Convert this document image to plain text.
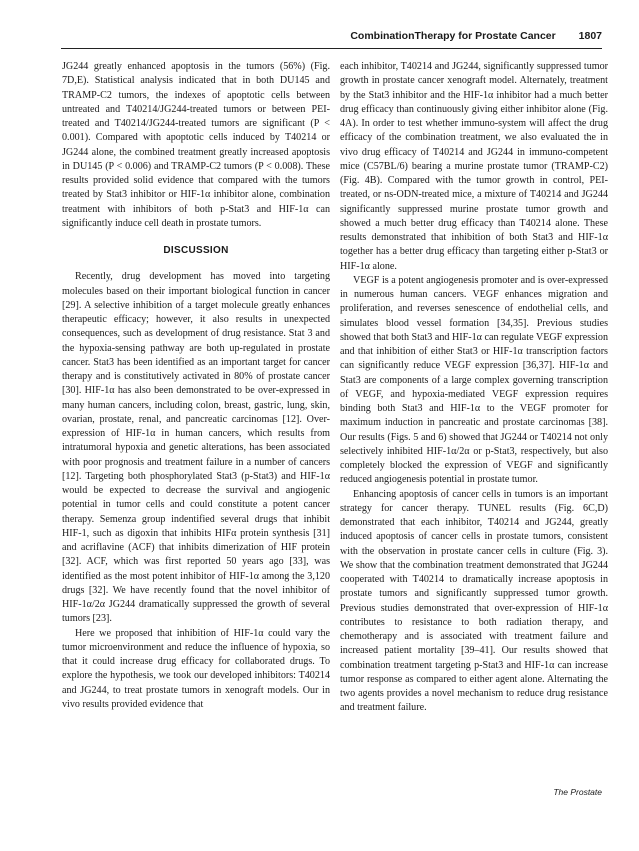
CombinationTherapy for Prostate Cancer 1807

JG244 greatly enhanced apoptosis in the tumors (56%) (Fig. 7D,E). Statistical analysis indicated that in both DU145 and TRAMP-C2 tumors, the indexes of apoptotic cells between untreated and T40214/JG244-treated tumors or between PEI-treated and T40214/JG244-treated tumors are significant (P < 0.001). Compared with apoptotic cells induced by T40214 or JG244 alone, the combined treatment greatly increased apoptosis in DU145 (P < 0.006) and TRAMP-C2 tumors (P < 0.008). These results provided solid evidence that compared with the tumors treated by Stat3 inhibitor or HIF-1α inhibitor alone, combination treatment with inhibitors of both p-Stat3 and HIF-1α can significantly induce cell death in prostate tumors.

DISCUSSION

Recently, drug development has moved into targeting molecules based on their important biological function in cancer [29]. A selective inhibition of a target molecule greatly enhances therapeutic efficacy; however, it also results in unexpected consequences, such as development of drug resistance. Stat 3 and the hypoxia-sensing pathway are both up-regulated in prostate cancer. Stat3 has been identified as an important target for cancer therapy and is constitutively activated in 80% of prostate cancer [30]. HIF-1α has also been demonstrated to be over-expressed in many human cancers, including colon, breast, gastric, lung, skin, ovarian, prostate, renal, and pancreatic carcinomas [12]. Over-expression of HIF-1α in human cancers, which results from intratumoral hypoxia and genetic alterations, has been associated with poor prognosis and treatment failure in a number of cancers [12]. Targeting both phosphorylated Stat3 (p-Stat3) and HIF-1α would be expected to decrease the survival and angiogenic potential in tumor cells and could constitute a potent cancer therapy. Semenza group indentified several drugs that inhibit HIF-1, such as digoxin that inhibits HIFα protein synthesis [31] and acriflavine (ACF) that inhibits dimerization of HIF protein [32]. ACF, which was first reported 50 years ago [33], was identified as the most potent inhibitor of HIF-1α among the 3,120 drugs [32]. We have recently found that the novel inhibitor of HIF-1α/2α JG244 dramatically suppressed the growth of several tumors [23].

Here we proposed that inhibition of HIF-1α could vary the tumor microenvironment and reduce the influence of hypoxia, so that it could increase drug efficacy for collaborated drugs. To explore the hypothesis, we took our developed inhibitors: T40214 and JG244, to treat prostate tumors in xenograft models. Our in vivo results provided evidence that

each inhibitor, T40214 and JG244, significantly suppressed tumor growth in prostate cancer xenograft model. Alternately, treatment by the Stat3 inhibitor and the HIF-1α inhibitor had a much better drug efficacy than continuously giving either inhibitor alone (Fig. 4A). In order to test whether immuno-system will affect the drug efficacy of the combination treatment, we also evaluated the in vivo drug efficacy of T40214 and JG244 in immuno-competent mice (C57BL/6) bearing a murine prostate tumor (TRAMP-C2) (Fig. 4B). Compared with the tumor growth in control, PEI-treated, or ns-ODN-treated mice, a mixture of T40214 and JG244 significantly suppressed murine prostate tumor growth and showed a much better drug efficacy than T40214 alone. These results demonstrated that inhibition of both Stat3 and HIF-1α together has a better drug efficacy than targeting either p-Stat3 or HIF-1α alone.

VEGF is a potent angiogenesis promoter and is over-expressed in numerous human cancers. VEGF enhances migration and proliferation, and reverses senescence of endothelial cells, and simulates blood vessel formation [34,35]. Previous studies showed that both Stat3 and HIF-1α can regulate VEGF expression and that inhibition of either Stat3 or HIF-1α transcription factors can significantly reduce VEGF expression [36,37]. HIF-1α and Stat3 are components of a large complex governing transcription of VEGF, and hypoxia-mediated VEGF expression requires binding both Stat3 and HIF-1α to the VEGF promoter for maximum induction in pancreatic and prostate carcinomas [38]. Our results (Figs. 5 and 6) showed that JG244 or T40214 not only selectively inhibited HIF-1α/2α or p-Stat3, respectively, but also completely blocked the expression of VEGF and significantly reduced angiogenesis potential in prostate tumor.

Enhancing apoptosis of cancer cells in tumors is an important strategy for cancer therapy. TUNEL results (Fig. 6C,D) demonstrated that each inhibitor, T40214 and JG244, greatly induced apoptosis of cancer cells in prostate tumors, consistent with the observation in prostate cancer cells in culture (Fig. 3). We show that the combination treatment demonstrated that JG244 cooperated with T40214 to dramatically increase apoptosis in prostate tumors and significantly suppressed tumor growth. Previous studies demonstrated that over-expression of HIF-1α contributes to resistance to both radiation therapy, and chemotherapy and is associated with treatment failure and increased patient mortality [39–41]. Our results showed that combination treatment targeting p-Stat3 and HIF-1α can increase tumor response as compared to either agent alone. Alternating the two agents provides a novel mechanism to reduce drug resistance and treatment failure.

The Prostate
